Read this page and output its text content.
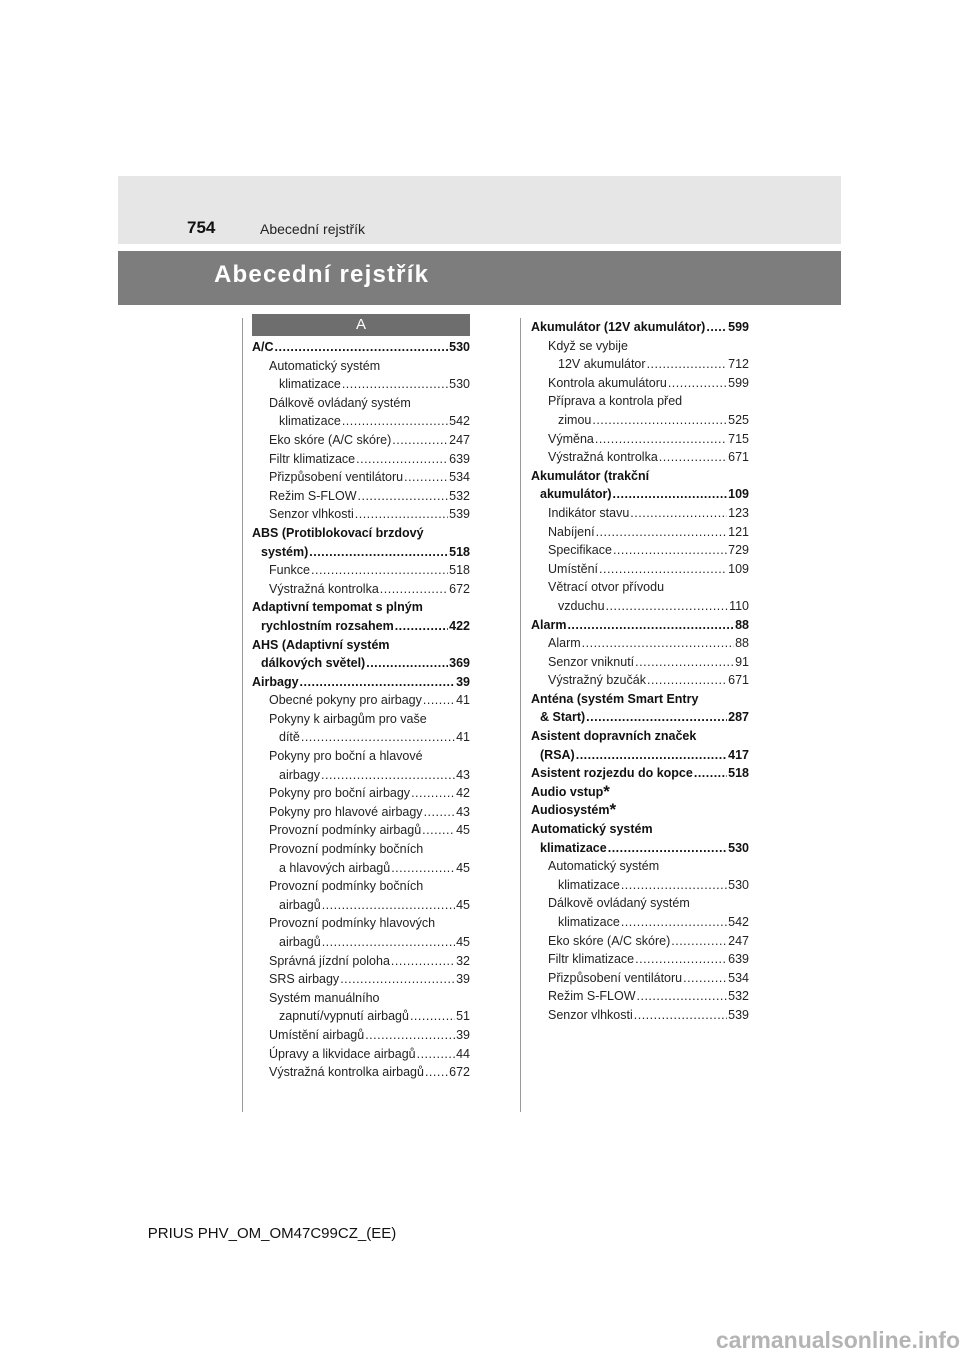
754	Abecední rejstřík
Abecední rejstřík
A
A/C .....	530
Automatický systém
klimatizace .....	530
Dálkově ovládaný systém
klimatizace .....	542
Eko skóre (A/C skóre) .....	247
Filtr klimatizace .....	639
Přizpůsobení ventilátoru .....	534
Režim S-FLOW .....	532
Senzor vlhkosti .....	539
ABS (Protiblokovací brzdový
systém) .....	518
Funkce .....	518
Výstražná kontrolka .....	672
Adaptivní tempomat s plným
rychlostním rozsahem .....	422
AHS (Adaptivní systém
dálkových světel) .....	369
Airbagy .....	39
Obecné pokyny pro airbagy .....	41
Pokyny k airbagům pro vaše
dítě .....	41
Pokyny pro boční a hlavové
airbagy .....	43
Pokyny pro boční airbagy .....	42
Pokyny pro hlavové airbagy .....	43
Provozní podmínky airbagů .....	45
Provozní podmínky bočních
a hlavových airbagů .....	45
Provozní podmínky bočních
airbagů .....	45
Provozní podmínky hlavových
airbagů .....	45
Správná jízdní poloha .....	32
SRS airbagy .....	39
Systém manuálního
zapnutí/vypnutí airbagů .....	51
Umístění airbagů .....	39
Úpravy a likvidace airbagů .....	44
Výstražná kontrolka airbagů ..... 672
Akumulátor (12V akumulátor) ..... 599
Když se vybije
12V akumulátor .....	712
Kontrola akumulátoru .....	599
Příprava a kontrola před
zimou .....	525
Výměna .....	715
Výstražná kontrolka .....	671
Akumulátor (trakční
akumulátor) .....	109
Indikátor stavu .....	123
Nabíjení .....	121
Specifikace .....	729
Umístění .....	109
Větrací otvor přívodu
vzduchu .....	110
Alarm .....	88
Alarm .....	88
Senzor vniknutí .....	91
Výstražný bzučák .....	671
Anténa (systém Smart Entry
& Start) .....	287
Asistent dopravních značek
(RSA) .....	417
Asistent rozjezdu do kopce .....	518
Audio vstup*
Audiosystém*
Automatický systém
klimatizace .....	530
Automatický systém
klimatizace .....	530
Dálkově ovládaný systém
klimatizace .....	542
Eko skóre (A/C skóre) .....	247
Filtr klimatizace .....	639
Přizpůsobení ventilátoru .....	534
Režim S-FLOW .....	532
Senzor vlhkosti .....	539
PRIUS PHV_OM_OM47C99CZ_(EE)
carmanualsonline.info
